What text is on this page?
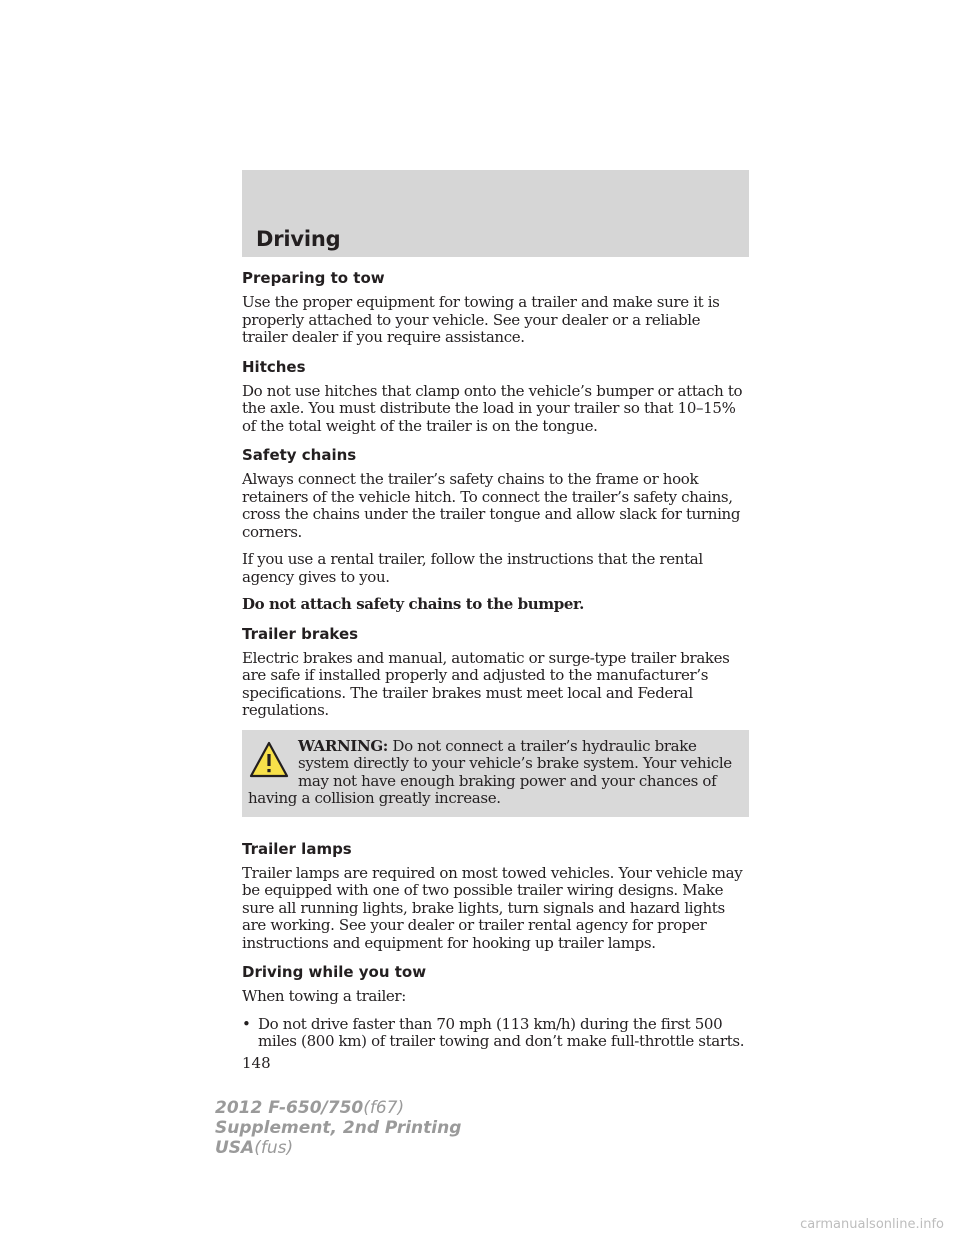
Driving
Preparing to tow

Use the proper equipment for towing a trailer and make sure it is properly attached to your vehicle. See your dealer or a reliable trailer dealer if you require assistance.

Hitches

Do not use hitches that clamp onto the vehicle’s bumper or attach to the axle. You must distribute the load in your trailer so that 10–15% of the total weight of the trailer is on the tongue.

Safety chains

Always connect the trailer’s safety chains to the frame or hook retainers of the vehicle hitch. To connect the trailer’s safety chains, cross the chains under the trailer tongue and allow slack for turning corners.

If you use a rental trailer, follow the instructions that the rental agency gives to you.

Do not attach safety chains to the bumper.

Trailer brakes

Electric brakes and manual, automatic or surge-type trailer brakes are safe if installed properly and adjusted to the manufacturer’s specifications. The trailer brakes must meet local and Federal regulations.

WARNING: Do not connect a trailer’s hydraulic brake system directly to your vehicle’s brake system. Your vehicle may not have enough braking power and your chances of having a collision greatly increase.
Trailer lamps

Trailer lamps are required on most towed vehicles. Your vehicle may be equipped with one of two possible trailer wiring designs. Make sure all running lights, brake lights, turn signals and hazard lights are working. See your dealer or trailer rental agency for proper instructions and equipment for hooking up trailer lamps.

Driving while you tow

When towing a trailer:

• Do not drive faster than 70 mph (113 km/h) during the first 500 miles (800 km) of trailer towing and don’t make full-throttle starts.
148
2012 F-650/750(f67)
Supplement, 2nd Printing
USA(fus)
carmanualsonline.info
